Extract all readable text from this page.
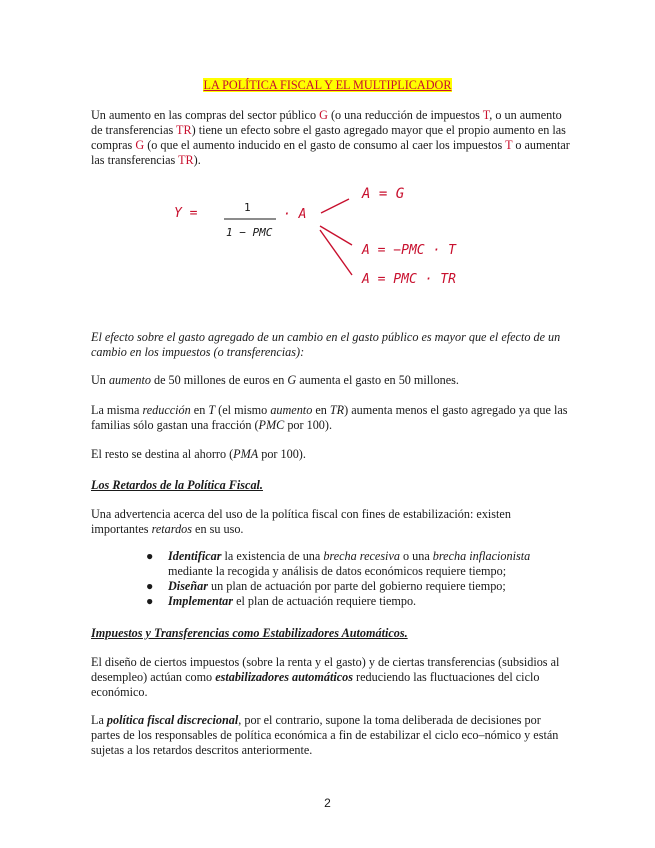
LA POLÍTICA FISCAL Y EL MULTIPLICADOR

Un aumento en las compras del sector público G (o una reducción de impuestos T, o un aumento de transferencias TR) tiene un efecto sobre el gasto agregado mayor que el propio aumento en las compras G (o que el aumento inducido en el gasto de consumo al caer los impuestos T o aumentar las transferencias TR).

Y =	1
1 − PMC
· A
A = G
A = −PMC · T
A = PMC · TR

El efecto sobre el gasto agregado de un cambio en el gasto público es mayor que el efecto de un cambio en los impuestos (o transferencias):

Un aumento de 50 millones de euros en G aumenta el gasto en 50 millones.

La misma reducción en T (el mismo aumento en TR) aumenta menos el gasto agregado ya que las familias sólo gastan una fracción (PMC por 100).

El resto se destina al ahorro (PMA por 100).

Los Retardos de la Política Fiscal.

Una advertencia acerca del uso de la política fiscal con fines de estabilización: existen importantes retardos en su uso.

● Identificar la existencia de una brecha recesiva o una brecha inflacionista mediante la recogida y análisis de datos económicos requiere tiempo;
● Diseñar un plan de actuación por parte del gobierno requiere tiempo;
● Implementar el plan de actuación requiere tiempo.

Impuestos y Transferencias como Estabilizadores Automáticos.

El diseño de ciertos impuestos (sobre la renta y el gasto) y de ciertas transferencias (subsidios al desempleo) actúan como estabilizadores automáticos reduciendo las fluctuaciones del ciclo económico.

La política fiscal discrecional, por el contrario, supone la toma deliberada de decisiones por partes de los responsables de política económica a fin de estabilizar el ciclo eco–nómico y están sujetas a los retardos descritos anteriormente.

2
